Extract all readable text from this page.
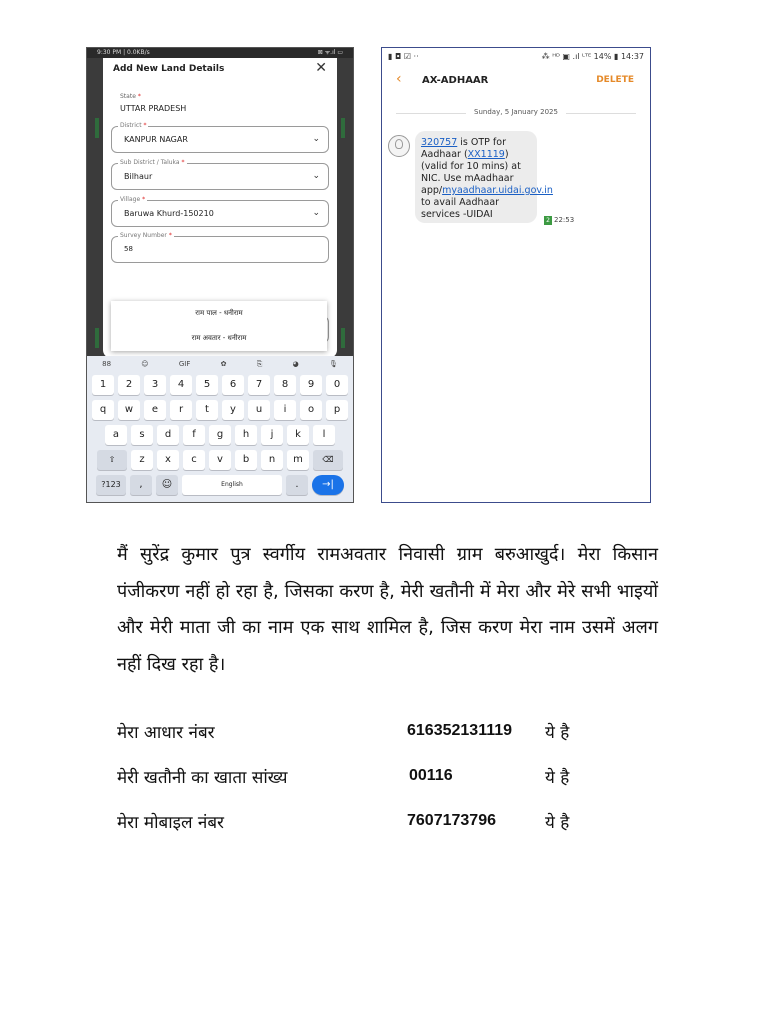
9:30 PM | 0.0KB/s	⊠ ᯤ.ıl ▭
Add New Land Details	✕
State *
UTTAR PRADESH
District *
KANPUR NAGAR	⌄
Sub District / Taluka *
Bilhaur	⌄
Village *
Baruwa Khurd-150210	⌄
Survey Number *
58
राम पाल - धनीराम
राम अवतार - धनीराम
88	☺	GIF	✿	⎘	◕	🎙
1	2	3	4	5	6	7	8	9	0
q	w	e	r	t	y	u	i	o	p
a	s	d	f	g	h	j	k	l
⇧	z	x	c	v	b	n	m	⌫
?123	,	☺	English	.	→|
▮ ◘ ☑ ··	⁂ ᴴᴰ ▣ .ıl ᴸᵀᴱ 14% ▮ 14:37
‹ AX-ADHAAR	DELETE
Sunday, 5 January 2025
320757 is OTP for Aadhaar (XX1119) (valid for 10 mins) at NIC. Use mAadhaar app/myaadhaar.uidai.gov.in to avail Aadhaar services -UIDAI
2 22:53
मैं सुरेंद्र कुमार पुत्र स्वर्गीय रामअवतार निवासी ग्राम बरुआखुर्द। मेरा किसान पंजीकरण नहीं हो रहा है, जिसका करण है, मेरी खतौनी में मेरा और मेरे सभी भाइयों और मेरी माता जी का नाम एक साथ शामिल है, जिस करण मेरा नाम उसमें अलग नहीं दिख रहा है।
मेरा आधार नंबर	616352131119 ये है
मेरी खतौनी का खाता सांख्य	00116	ये है
मेरा मोबाइल नंबर	7607173796	ये है
